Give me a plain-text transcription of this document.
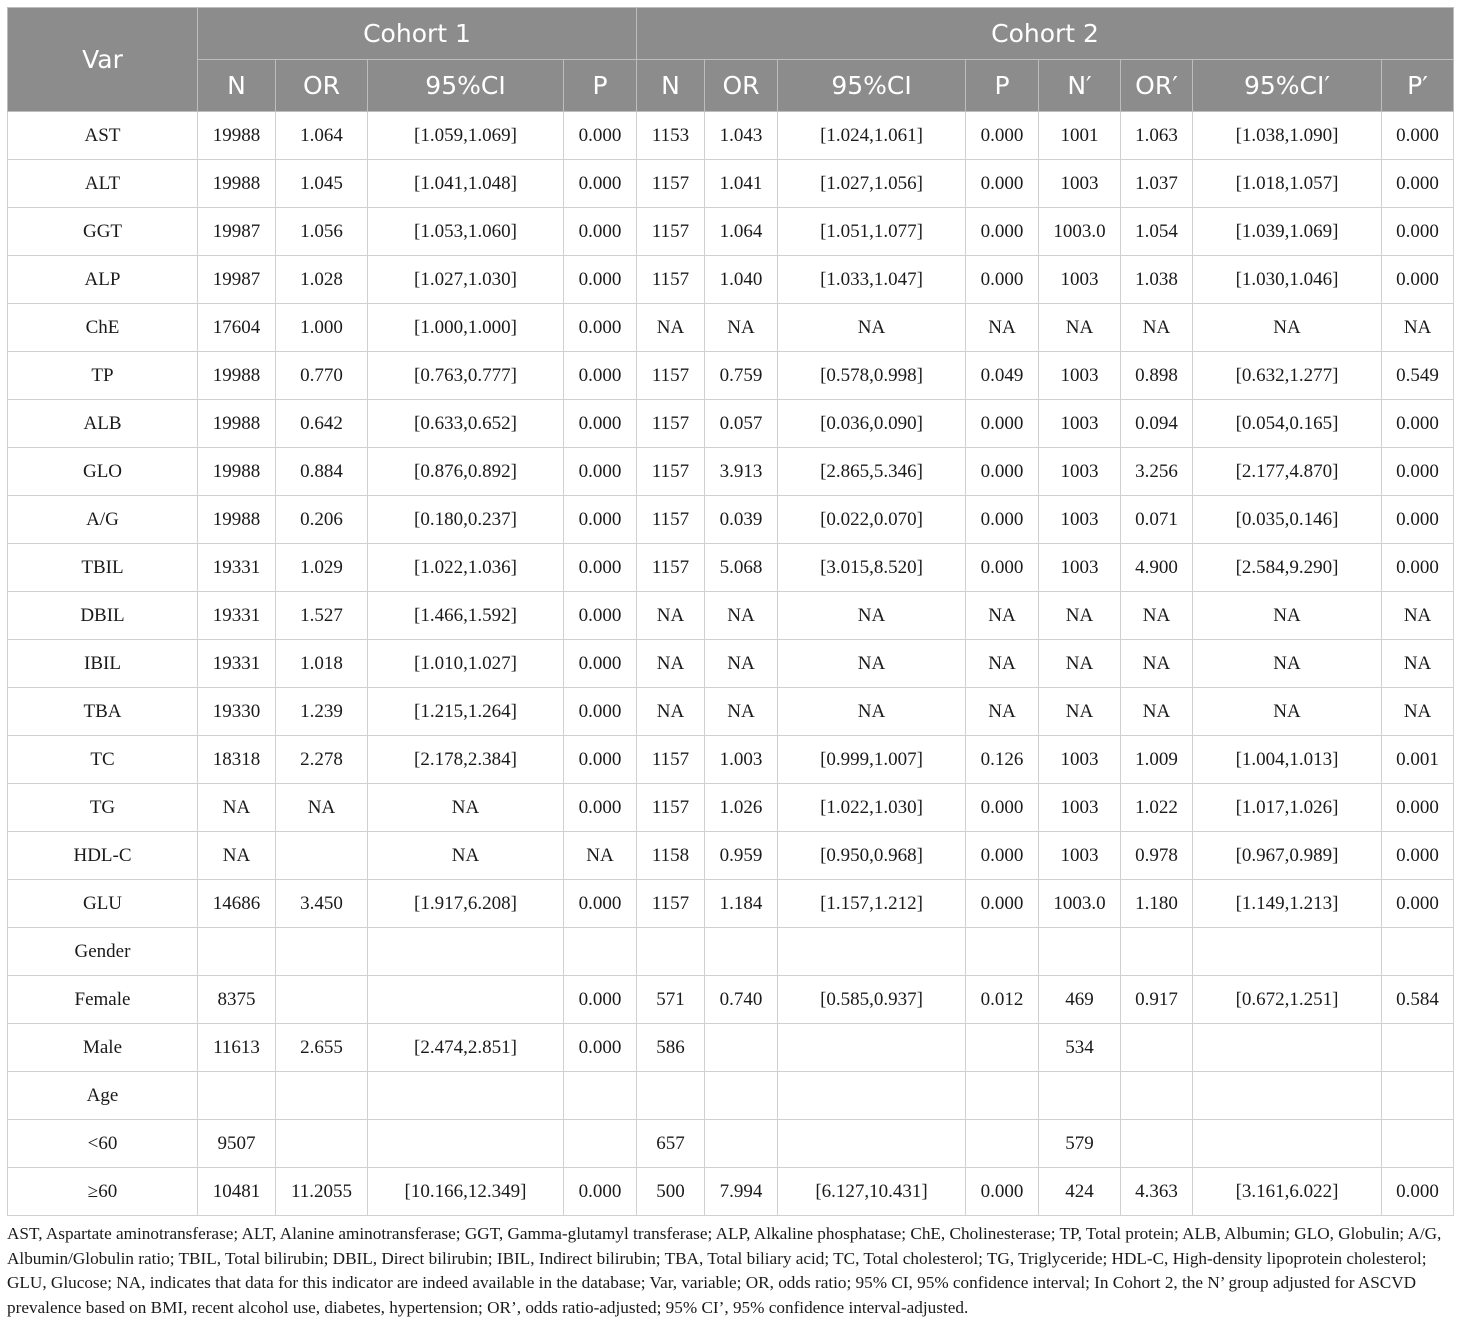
Var	Cohort 1				Cohort 2							
	N	OR	95%CI	P	N	OR	95%CI	P	N′	OR′	95%CI′	P′
AST	19988	1.064	[1.059,1.069]	0.000	1153	1.043	[1.024,1.061]	0.000	1001	1.063	[1.038,1.090]	0.000
ALT	19988	1.045	[1.041,1.048]	0.000	1157	1.041	[1.027,1.056]	0.000	1003	1.037	[1.018,1.057]	0.000
GGT	19987	1.056	[1.053,1.060]	0.000	1157	1.064	[1.051,1.077]	0.000	1003.0	1.054	[1.039,1.069]	0.000
ALP	19987	1.028	[1.027,1.030]	0.000	1157	1.040	[1.033,1.047]	0.000	1003	1.038	[1.030,1.046]	0.000
ChE	17604	1.000	[1.000,1.000]	0.000	NA	NA	NA	NA	NA	NA	NA	NA
TP	19988	0.770	[0.763,0.777]	0.000	1157	0.759	[0.578,0.998]	0.049	1003	0.898	[0.632,1.277]	0.549
ALB	19988	0.642	[0.633,0.652]	0.000	1157	0.057	[0.036,0.090]	0.000	1003	0.094	[0.054,0.165]	0.000
GLO	19988	0.884	[0.876,0.892]	0.000	1157	3.913	[2.865,5.346]	0.000	1003	3.256	[2.177,4.870]	0.000
A/G	19988	0.206	[0.180,0.237]	0.000	1157	0.039	[0.022,0.070]	0.000	1003	0.071	[0.035,0.146]	0.000
TBIL	19331	1.029	[1.022,1.036]	0.000	1157	5.068	[3.015,8.520]	0.000	1003	4.900	[2.584,9.290]	0.000
DBIL	19331	1.527	[1.466,1.592]	0.000	NA	NA	NA	NA	NA	NA	NA	NA
IBIL	19331	1.018	[1.010,1.027]	0.000	NA	NA	NA	NA	NA	NA	NA	NA
TBA	19330	1.239	[1.215,1.264]	0.000	NA	NA	NA	NA	NA	NA	NA	NA
TC	18318	2.278	[2.178,2.384]	0.000	1157	1.003	[0.999,1.007]	0.126	1003	1.009	[1.004,1.013]	0.001
TG	NA	NA	NA	0.000	1157	1.026	[1.022,1.030]	0.000	1003	1.022	[1.017,1.026]	0.000
HDL-C	NA		NA	NA	1158	0.959	[0.950,0.968]	0.000	1003	0.978	[0.967,0.989]	0.000
GLU	14686	3.450	[1.917,6.208]	0.000	1157	1.184	[1.157,1.212]	0.000	1003.0	1.180	[1.149,1.213]	0.000
Gender												
Female	8375			0.000	571	0.740	[0.585,0.937]	0.012	469	0.917	[0.672,1.251]	0.584
Male	11613	2.655	[2.474,2.851]	0.000	586				534			
Age												
<60	9507				657				579			
≥60	10481	11.2055	[10.166,12.349]	0.000	500	7.994	[6.127,10.431]	0.000	424	4.363	[3.161,6.022]	0.000

AST, Aspartate aminotransferase; ALT, Alanine aminotransferase; GGT, Gamma-glutamyl transferase; ALP, Alkaline phosphatase; ChE, Cholinesterase; TP, Total protein; ALB, Albumin; GLO, Globulin; A/G, Albumin/Globulin ratio; TBIL, Total bilirubin; DBIL, Direct bilirubin; IBIL, Indirect bilirubin; TBA, Total biliary acid; TC, Total cholesterol; TG, Triglyceride; HDL-C, High-density lipoprotein cholesterol; GLU, Glucose; NA, indicates that data for this indicator are indeed available in the database; Var, variable; OR, odds ratio; 95% CI, 95% confidence interval; In Cohort 2, the N’ group adjusted for ASCVD prevalence based on BMI, recent alcohol use, diabetes, hypertension; OR’, odds ratio-adjusted; 95% CI’, 95% confidence interval-adjusted.
